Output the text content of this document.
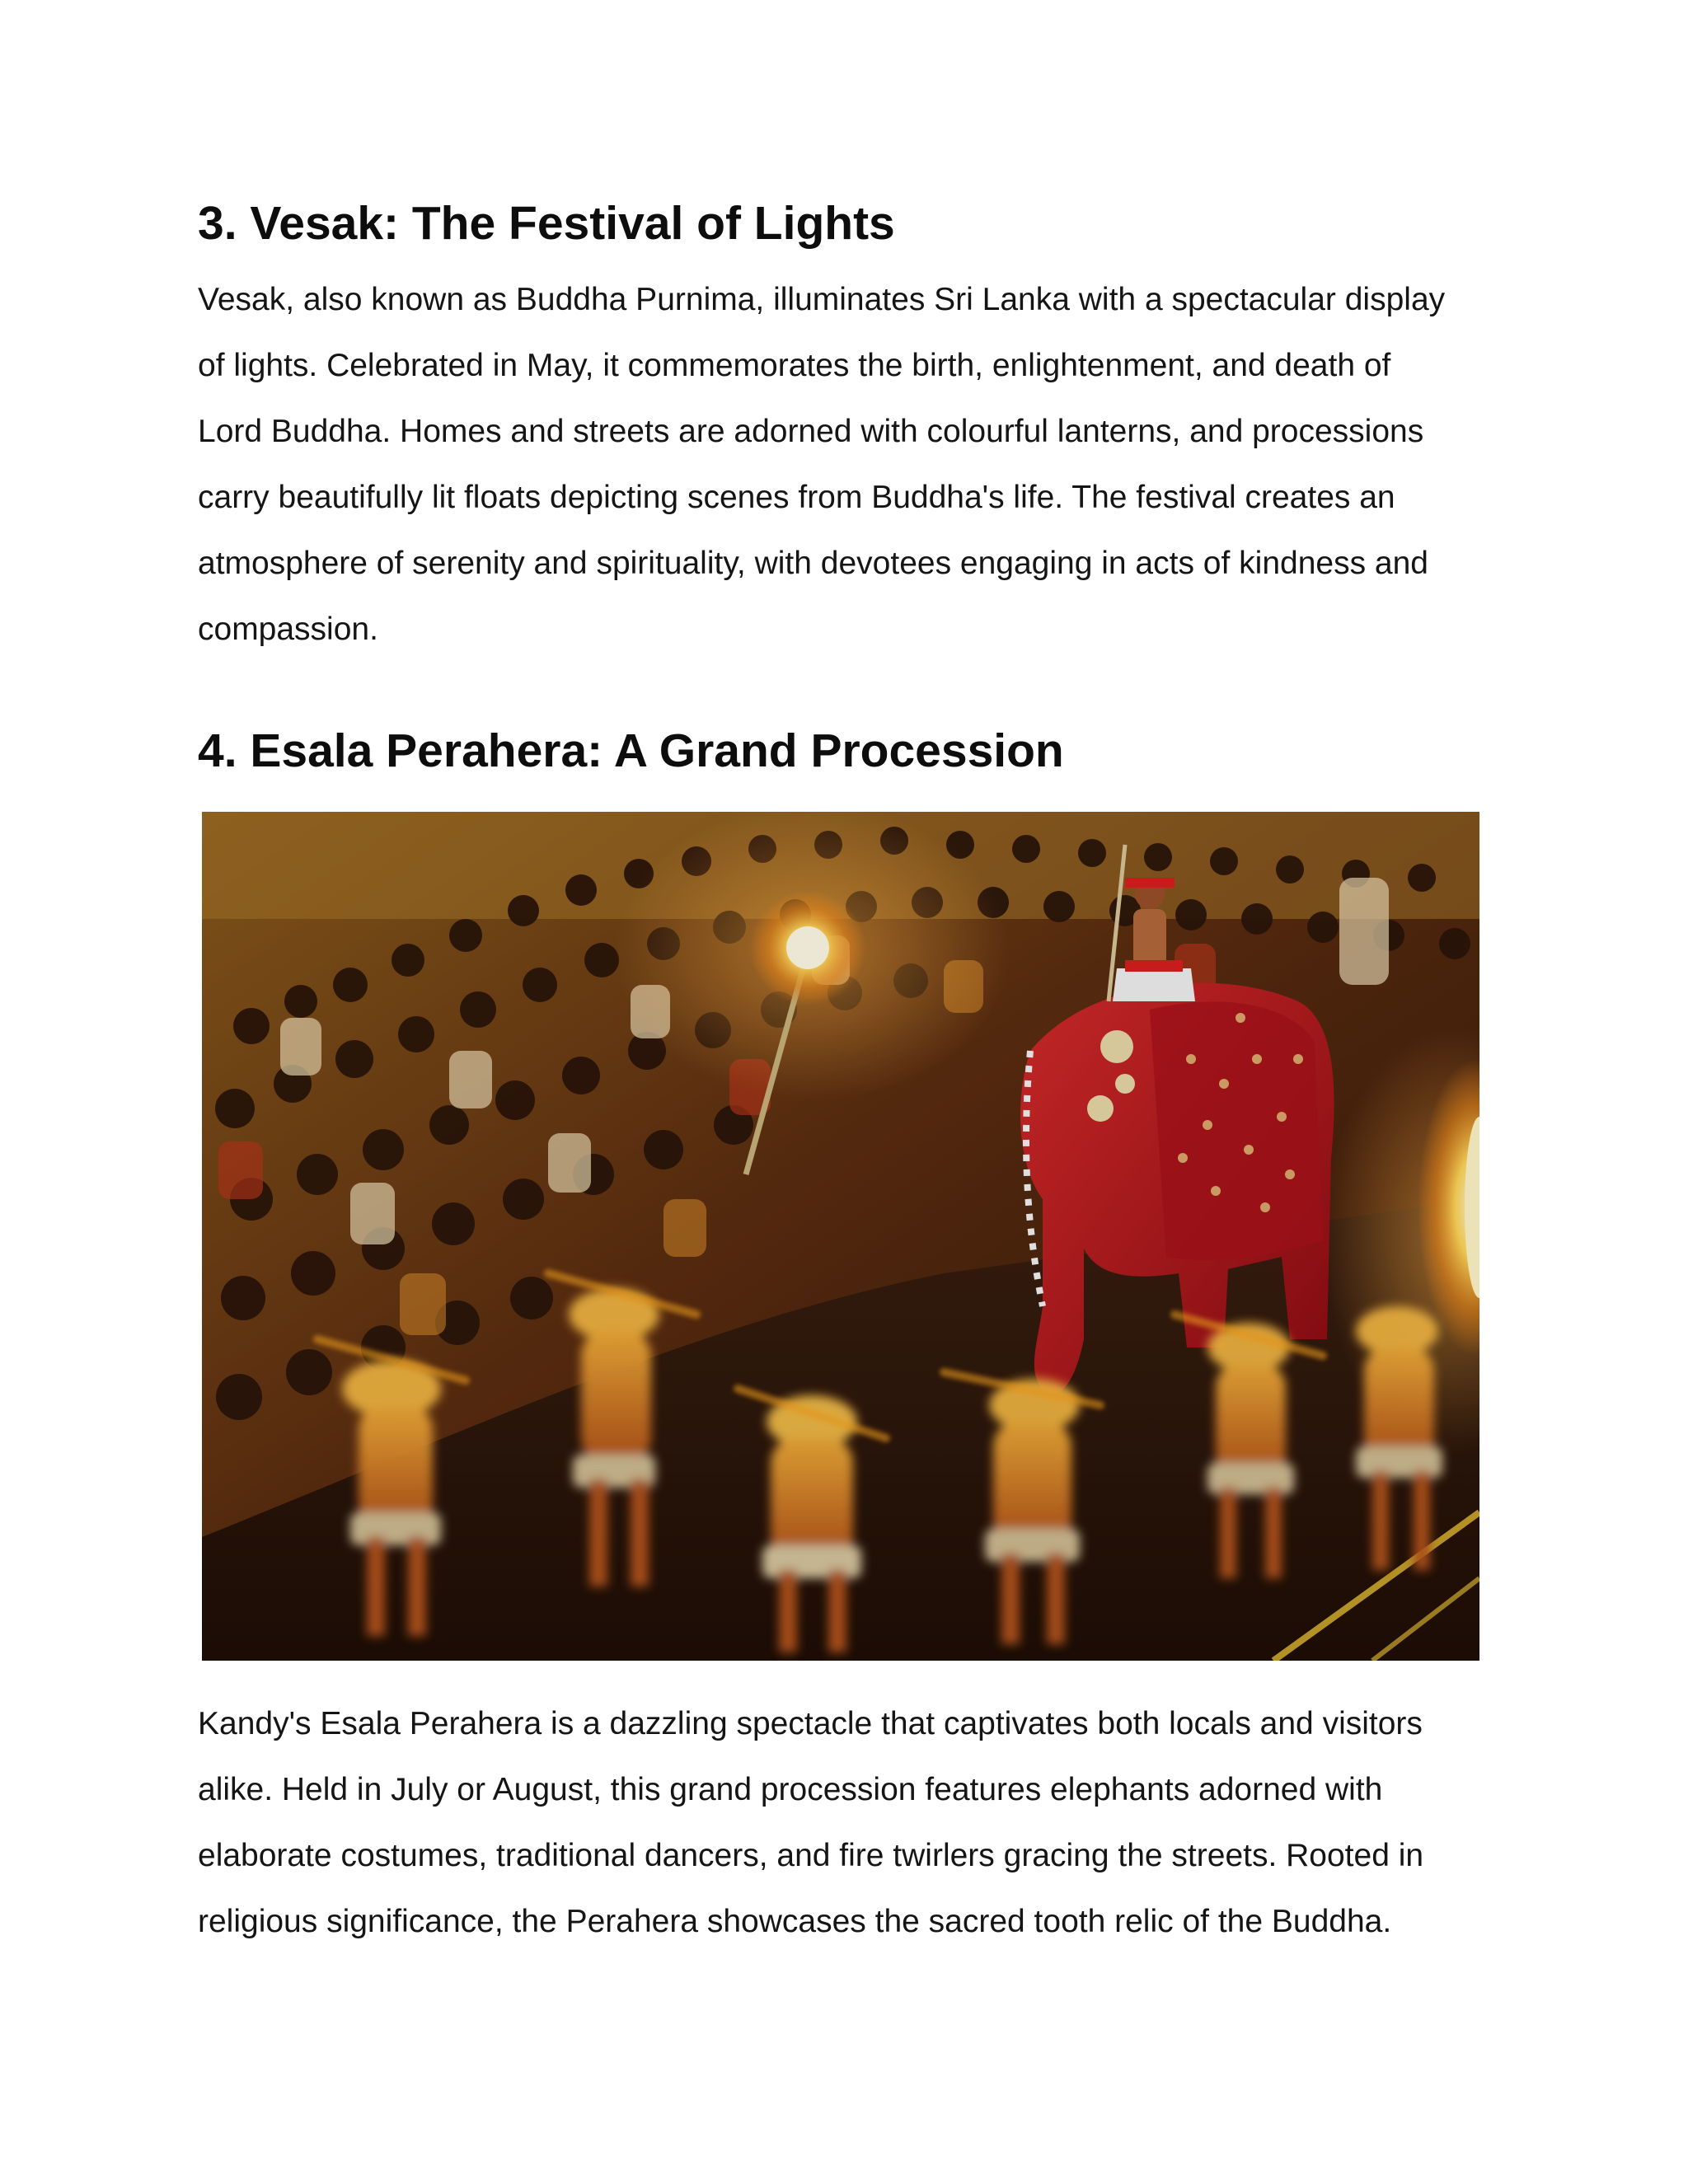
3. Vesak: The Festival of Lights

Vesak, also known as Buddha Purnima, illuminates Sri Lanka with a spectacular display
of lights. Celebrated in May, it commemorates the birth, enlightenment, and death of
Lord Buddha. Homes and streets are adorned with colourful lanterns, and processions
carry beautifully lit floats depicting scenes from Buddha's life. The festival creates an
atmosphere of serenity and spirituality, with devotees engaging in acts of kindness and
compassion.

4. Esala Perahera: A Grand Procession

Kandy's Esala Perahera is a dazzling spectacle that captivates both locals and visitors
alike. Held in July or August, this grand procession features elephants adorned with
elaborate costumes, traditional dancers, and fire twirlers gracing the streets. Rooted in
religious significance, the Perahera showcases the sacred tooth relic of the Buddha.
